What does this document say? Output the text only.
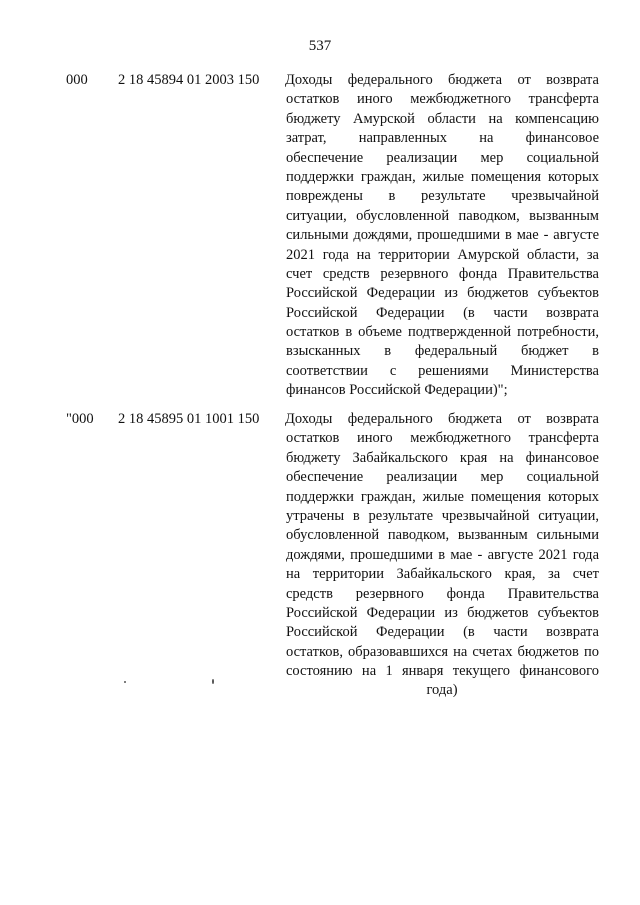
537
000 2 18 45894 01 2003 150 Доходы федерального бюджета от возврата
остатков иного межбюджетного трансферта
бюджету Амурской области на компенсацию
затрат, направленных на финансовое
обеспечение реализации мер социальной
поддержки граждан, жилые помещения которых
повреждены в результате чрезвычайной
ситуации, обусловленной паводком, вызванным
сильными дождями, прошедшими в мае - августе
2021 года на территории Амурской области, за
счет средств резервного фонда Правительства
Российской Федерации из бюджетов субъектов
Российской Федерации (в части возврата
остатков в объеме подтвержденной потребности,
взысканных в федеральный бюджет в
соответствии с решениями Министерства
финансов Российской Федерации)";
"000 2 18 45895 01 1001 150 Доходы федерального бюджета от возврата
остатков иного межбюджетного трансферта
бюджету Забайкальского края на финансовое
обеспечение реализации мер социальной
поддержки граждан, жилые помещения которых
утрачены в результате чрезвычайной ситуации,
обусловленной паводком, вызванным сильными
дождями, прошедшими в мае - августе 2021 года
на территории Забайкальского края, за счет
средств резервного фонда Правительства
Российской Федерации из бюджетов субъектов
Российской Федерации (в части возврата
остатков, образовавшихся на счетах бюджетов по
состоянию на 1 января текущего финансового
года)
